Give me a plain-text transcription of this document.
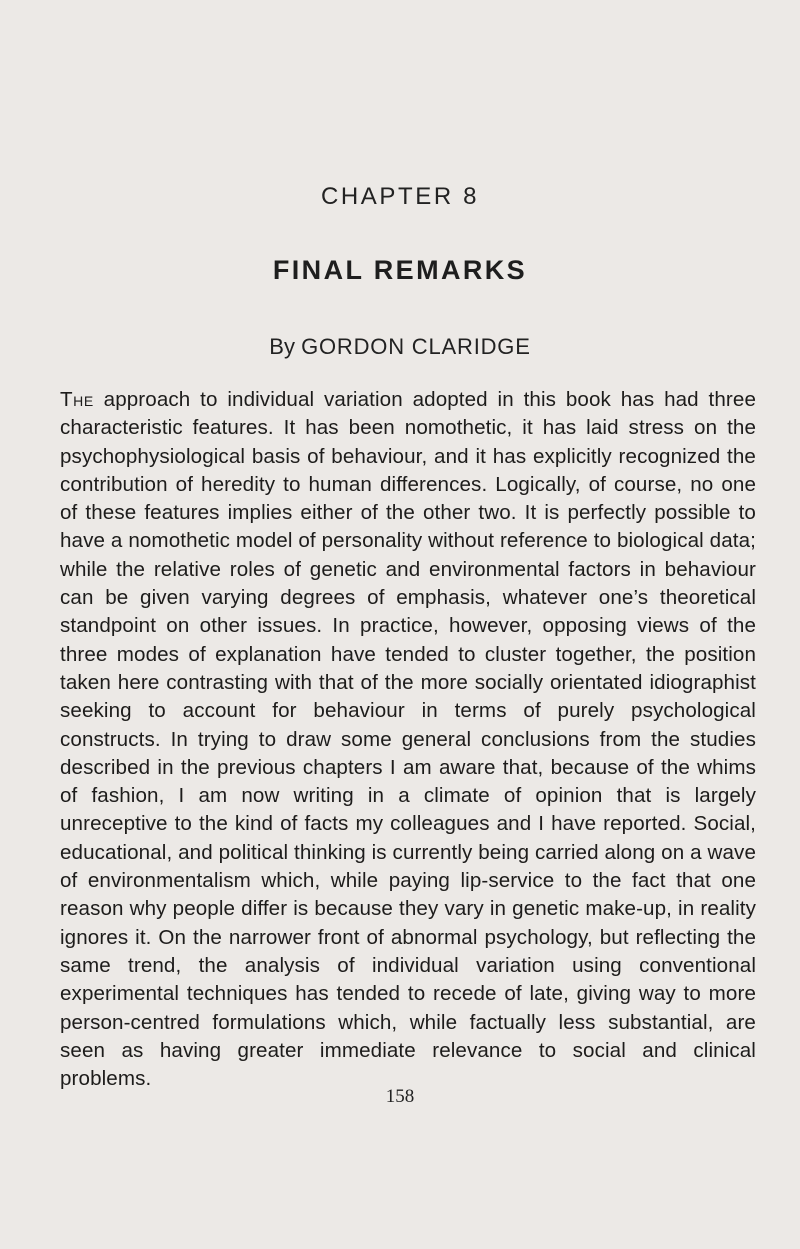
CHAPTER 8
FINAL REMARKS
By GORDON CLARIDGE

The approach to individual variation adopted in this book has had three characteristic features. It has been nomothetic, it has laid stress on the psychophysiological basis of behaviour, and it has explicitly recognized the contribution of heredity to human differences. Logically, of course, no one of these features implies either of the other two. It is perfectly possible to have a nomothetic model of personality without reference to biological data; while the relative roles of genetic and environmental factors in behaviour can be given varying degrees of emphasis, whatever one’s theoretical standpoint on other issues. In practice, however, opposing views of the three modes of explanation have tended to cluster together, the position taken here contrasting with that of the more socially orientated idiographist seeking to account for behaviour in terms of purely psychological constructs. In trying to draw some general conclusions from the studies described in the previous chapters I am aware that, because of the whims of fashion, I am now writing in a climate of opinion that is largely unreceptive to the kind of facts my colleagues and I have reported. Social, educational, and political thinking is currently being carried along on a wave of environmentalism which, while paying lip-service to the fact that one reason why people differ is because they vary in genetic make-up, in reality ignores it. On the narrower front of abnormal psychology, but reflecting the same trend, the analysis of individual variation using conventional experimental techniques has tended to recede of late, giving way to more person-centred formulations which, while factually less substantial, are seen as having greater immediate relevance to social and clinical problems.

158
